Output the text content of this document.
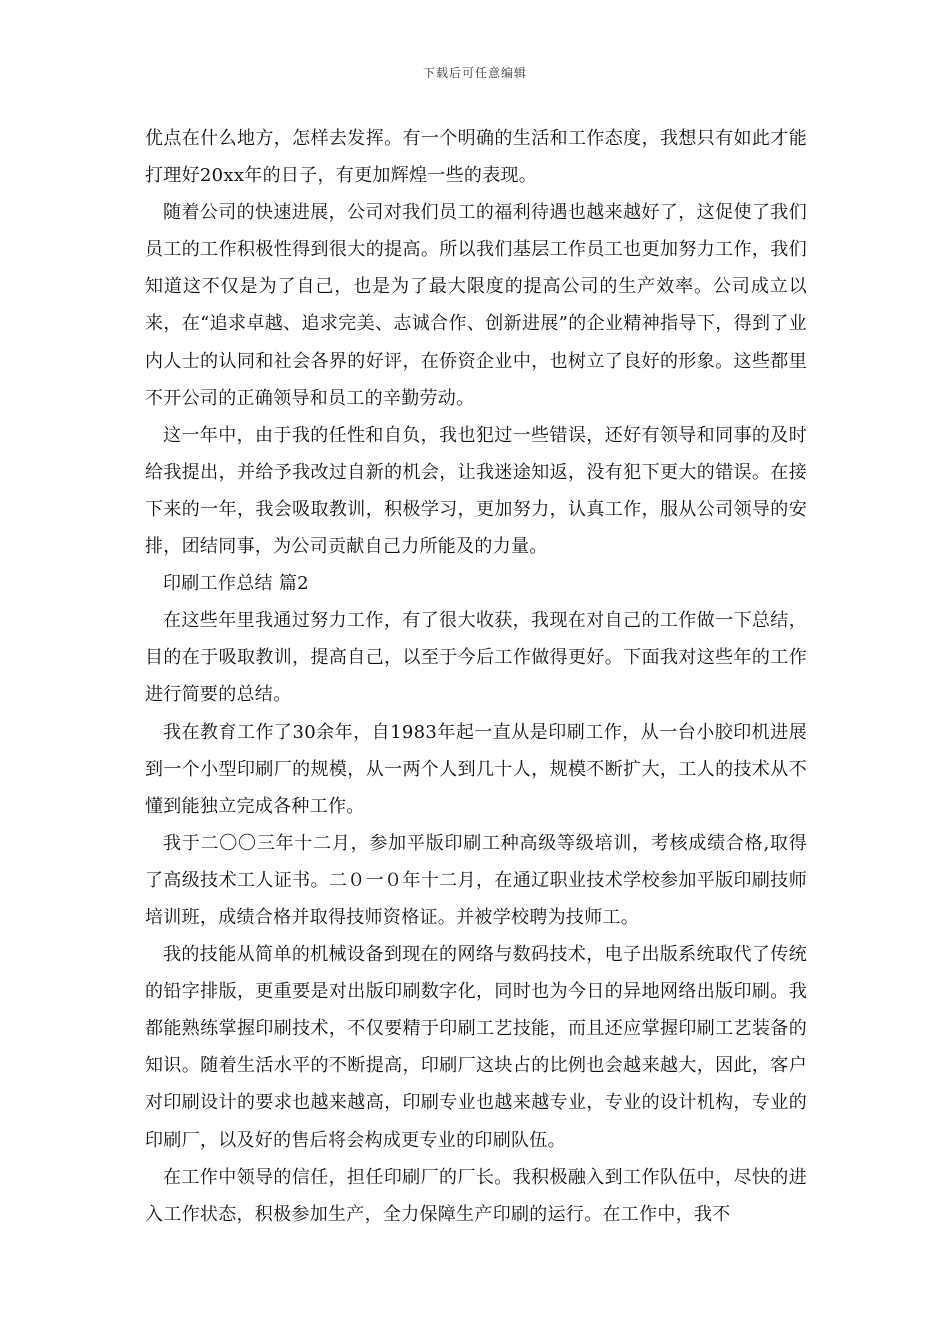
下载后可任意编辑

优点在什么地方，怎样去发挥。有一个明确的生活和工作态度，我想只有如此才能打理好20xx年的日子，有更加辉煌一些的表现。

随着公司的快速进展，公司对我们员工的福利待遇也越来越好了，这促使了我们员工的工作积极性得到很大的提高。所以我们基层工作员工也更加努力工作，我们知道这不仅是为了自己，也是为了最大限度的提高公司的生产效率。公司成立以来，在“追求卓越、追求完美、志诚合作、创新进展”的企业精神指导下，得到了业内人士的认同和社会各界的好评，在侨资企业中，也树立了良好的形象。这些都里不开公司的正确领导和员工的辛勤劳动。

这一年中，由于我的任性和自负，我也犯过一些错误，还好有领导和同事的及时给我提出，并给予我改过自新的机会，让我迷途知返，没有犯下更大的错误。在接下来的一年，我会吸取教训，积极学习，更加努力，认真工作，服从公司领导的安排，团结同事，为公司贡献自己力所能及的力量。

印刷工作总结 篇2

在这些年里我通过努力工作，有了很大收获，我现在对自己的工作做一下总结，目的在于吸取教训，提高自己，以至于今后工作做得更好。下面我对这些年的工作进行简要的总结。

我在教育工作了30余年，自1983年起一直从是印刷工作，从一台小胶印机进展到一个小型印刷厂的规模，从一两个人到几十人，规模不断扩大，工人的技术从不懂到能独立完成各种工作。

我于二〇〇三年十二月，参加平版印刷工种高级等级培训，考核成绩合格,取得了高级技术工人证书。二０一０年十二月，在通辽职业技术学校参加平版印刷技师培训班，成绩合格并取得技师资格证。并被学校聘为技师工。

我的技能从简单的机械设备到现在的网络与数码技术，电子出版系统取代了传统的铅字排版，更重要是对出版印刷数字化，同时也为今日的异地网络出版印刷。我都能熟练掌握印刷技术，不仅要精于印刷工艺技能，而且还应掌握印刷工艺装备的知识。随着生活水平的不断提高，印刷厂这块占的比例也会越来越大，因此，客户对印刷设计的要求也越来越高，印刷专业也越来越专业，专业的设计机构，专业的印刷厂，以及好的售后将会构成更专业的印刷队伍。

在工作中领导的信任，担任印刷厂的厂长。我积极融入到工作队伍中，尽快的进入工作状态，积极参加生产，全力保障生产印刷的运行。在工作中，我不
